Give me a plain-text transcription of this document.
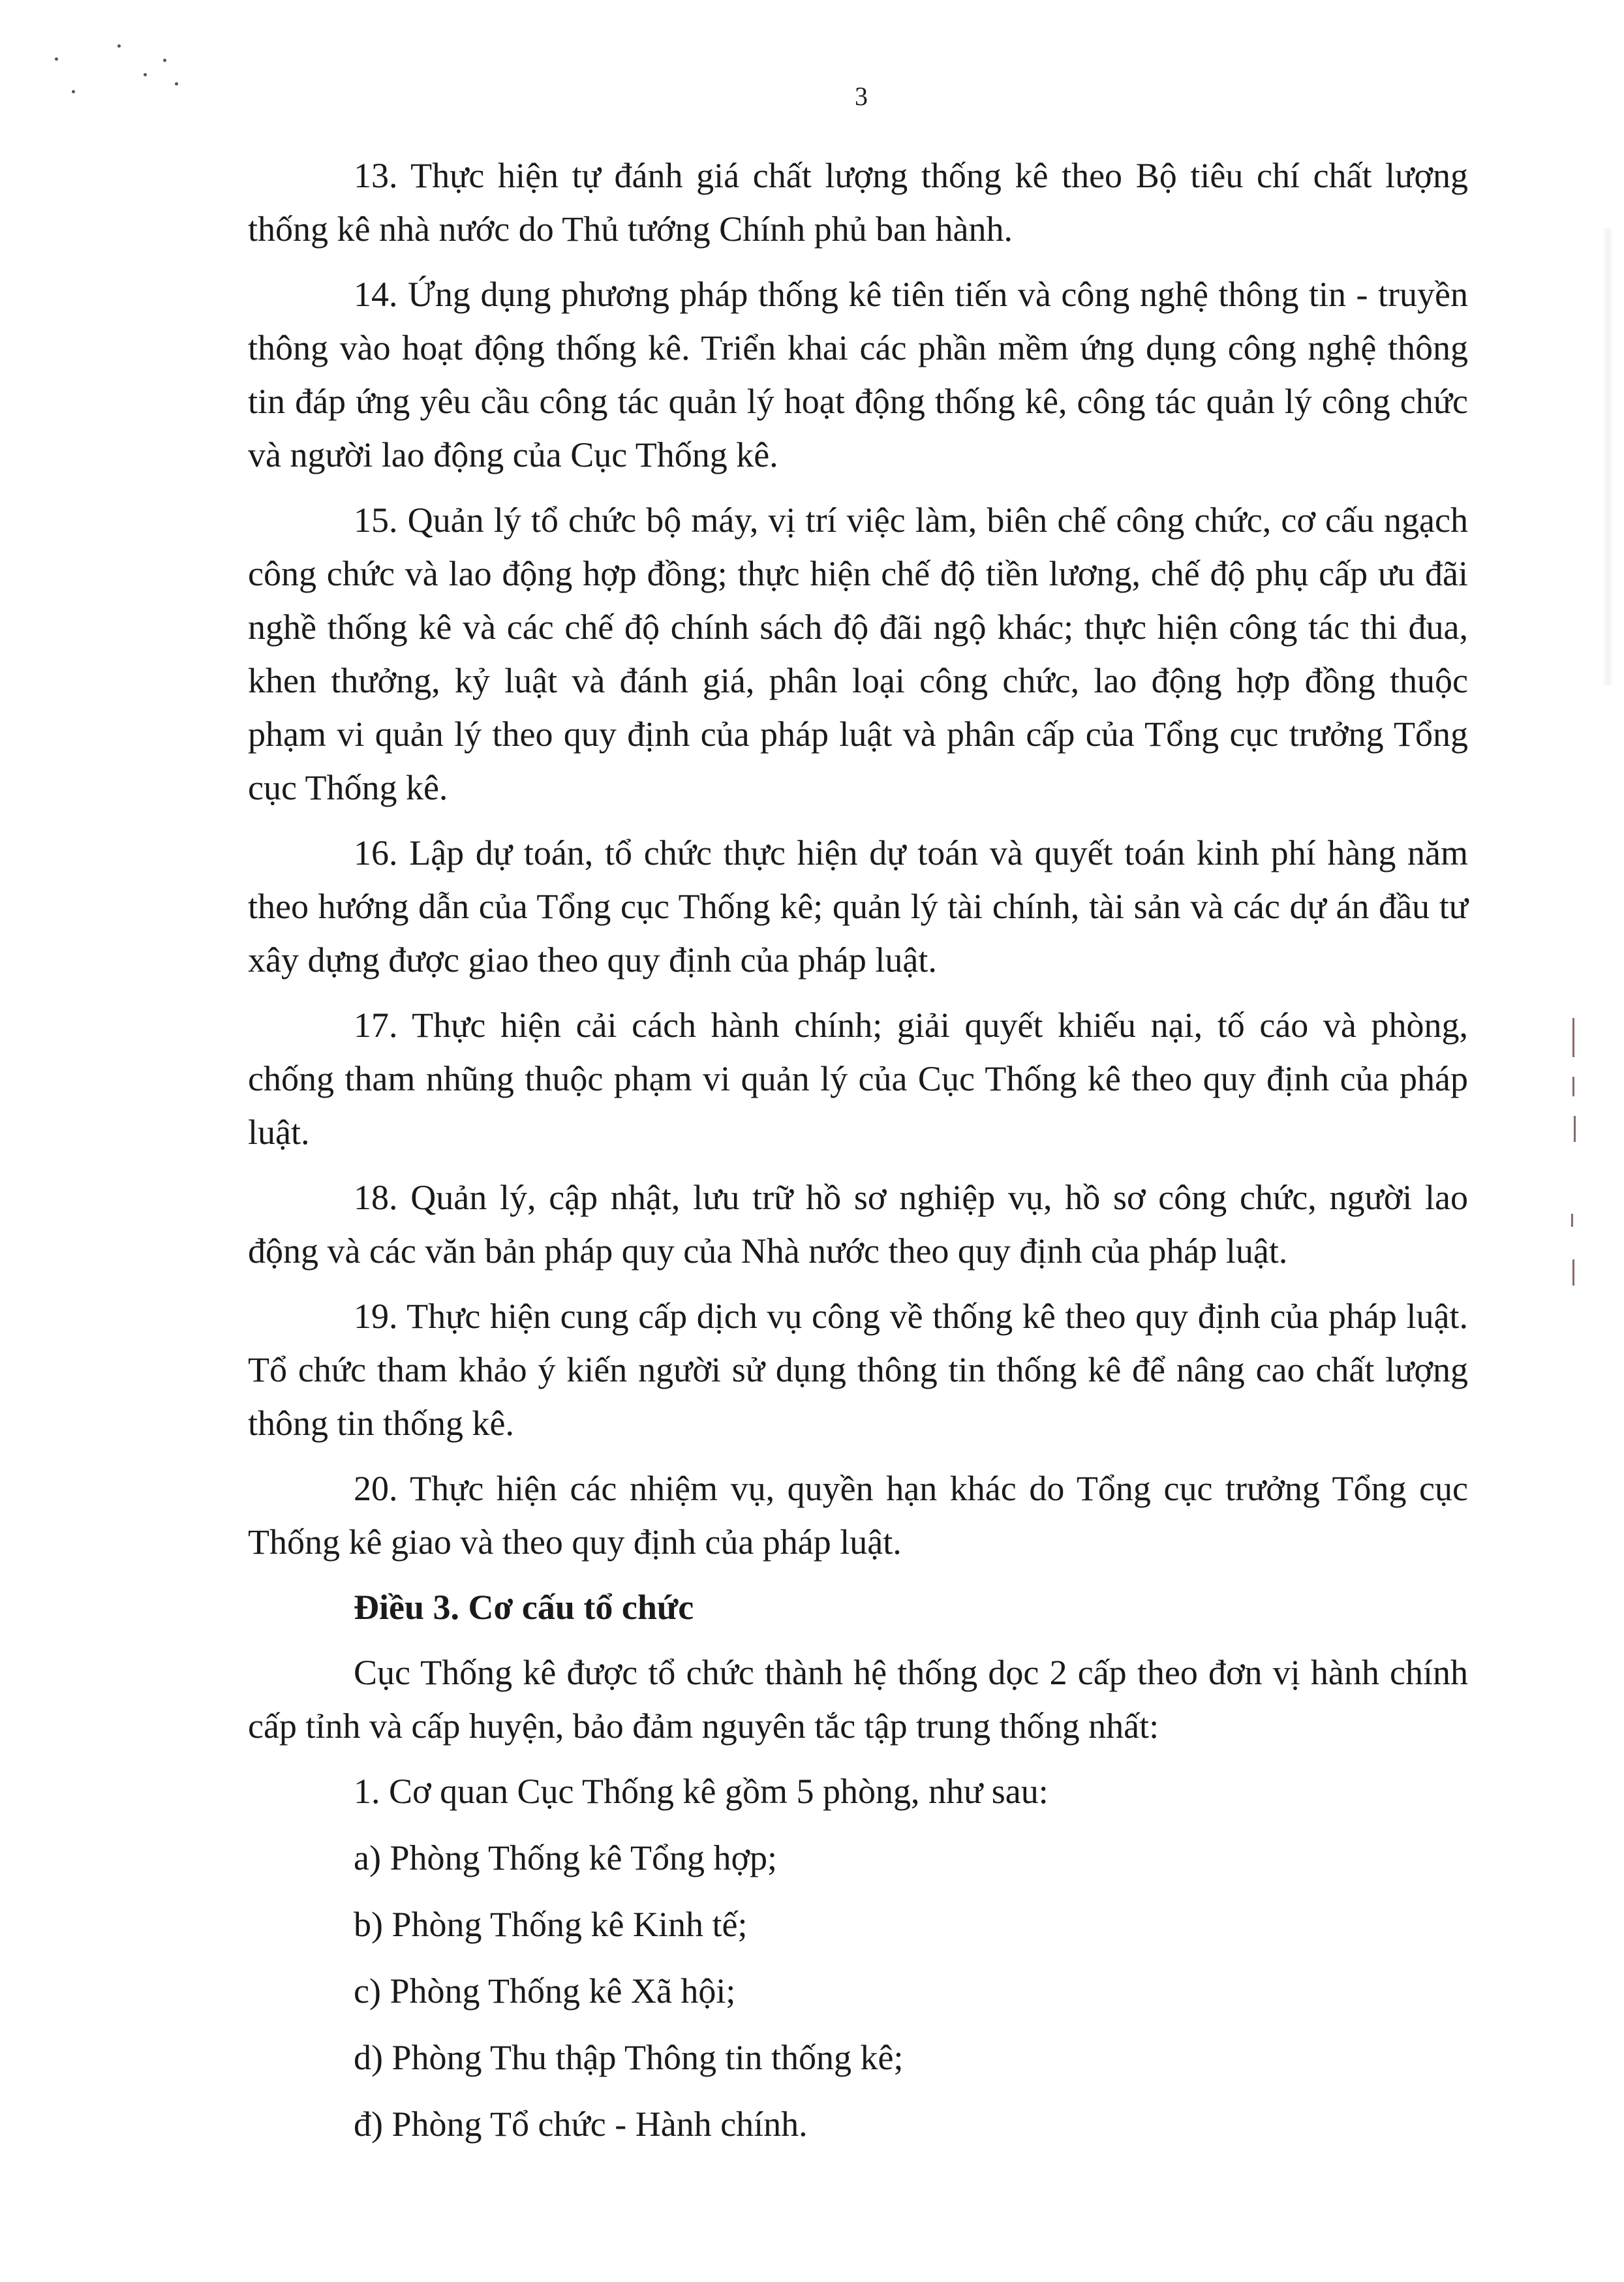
3

13. Thực hiện tự đánh giá chất lượng thống kê theo Bộ tiêu chí chất lượng thống kê nhà nước do Thủ tướng Chính phủ ban hành.

14. Ứng dụng phương pháp thống kê tiên tiến và công nghệ thông tin - truyền thông vào hoạt động thống kê. Triển khai các phần mềm ứng dụng công nghệ thông tin đáp ứng yêu cầu công tác quản lý hoạt động thống kê, công tác quản lý công chức và người lao động của Cục Thống kê.

15. Quản lý tổ chức bộ máy, vị trí việc làm, biên chế công chức, cơ cấu ngạch công chức và lao động hợp đồng; thực hiện chế độ tiền lương, chế độ phụ cấp ưu đãi nghề thống kê và các chế độ chính sách độ đãi ngộ khác; thực hiện công tác thi đua, khen thưởng, kỷ luật và đánh giá, phân loại công chức, lao động hợp đồng thuộc phạm vi quản lý theo quy định của pháp luật và phân cấp của Tổng cục trưởng Tổng cục Thống kê.

16. Lập dự toán, tổ chức thực hiện dự toán và quyết toán kinh phí hàng năm theo hướng dẫn của Tổng cục Thống kê; quản lý tài chính, tài sản và các dự án đầu tư xây dựng được giao theo quy định của pháp luật.

17. Thực hiện cải cách hành chính; giải quyết khiếu nại, tố cáo và phòng, chống tham nhũng thuộc phạm vi quản lý của Cục Thống kê theo quy định của pháp luật.

18. Quản lý, cập nhật, lưu trữ hồ sơ nghiệp vụ, hồ sơ công chức, người lao động và các văn bản pháp quy của Nhà nước theo quy định của pháp luật.

19. Thực hiện cung cấp dịch vụ công về thống kê theo quy định của pháp luật. Tổ chức tham khảo ý kiến người sử dụng thông tin thống kê để nâng cao chất lượng thông tin thống kê.

20. Thực hiện các nhiệm vụ, quyền hạn khác do Tổng cục trưởng Tổng cục Thống kê giao và theo quy định của pháp luật.

Điều 3. Cơ cấu tổ chức

Cục Thống kê được tổ chức thành hệ thống dọc 2 cấp theo đơn vị hành chính cấp tỉnh và cấp huyện, bảo đảm nguyên tắc tập trung thống nhất:

1. Cơ quan Cục Thống kê gồm 5 phòng, như sau:

a) Phòng Thống kê Tổng hợp;

b) Phòng Thống kê Kinh tế;

c) Phòng Thống kê Xã hội;

d) Phòng Thu thập Thông tin thống kê;

đ) Phòng Tổ chức - Hành chính.
